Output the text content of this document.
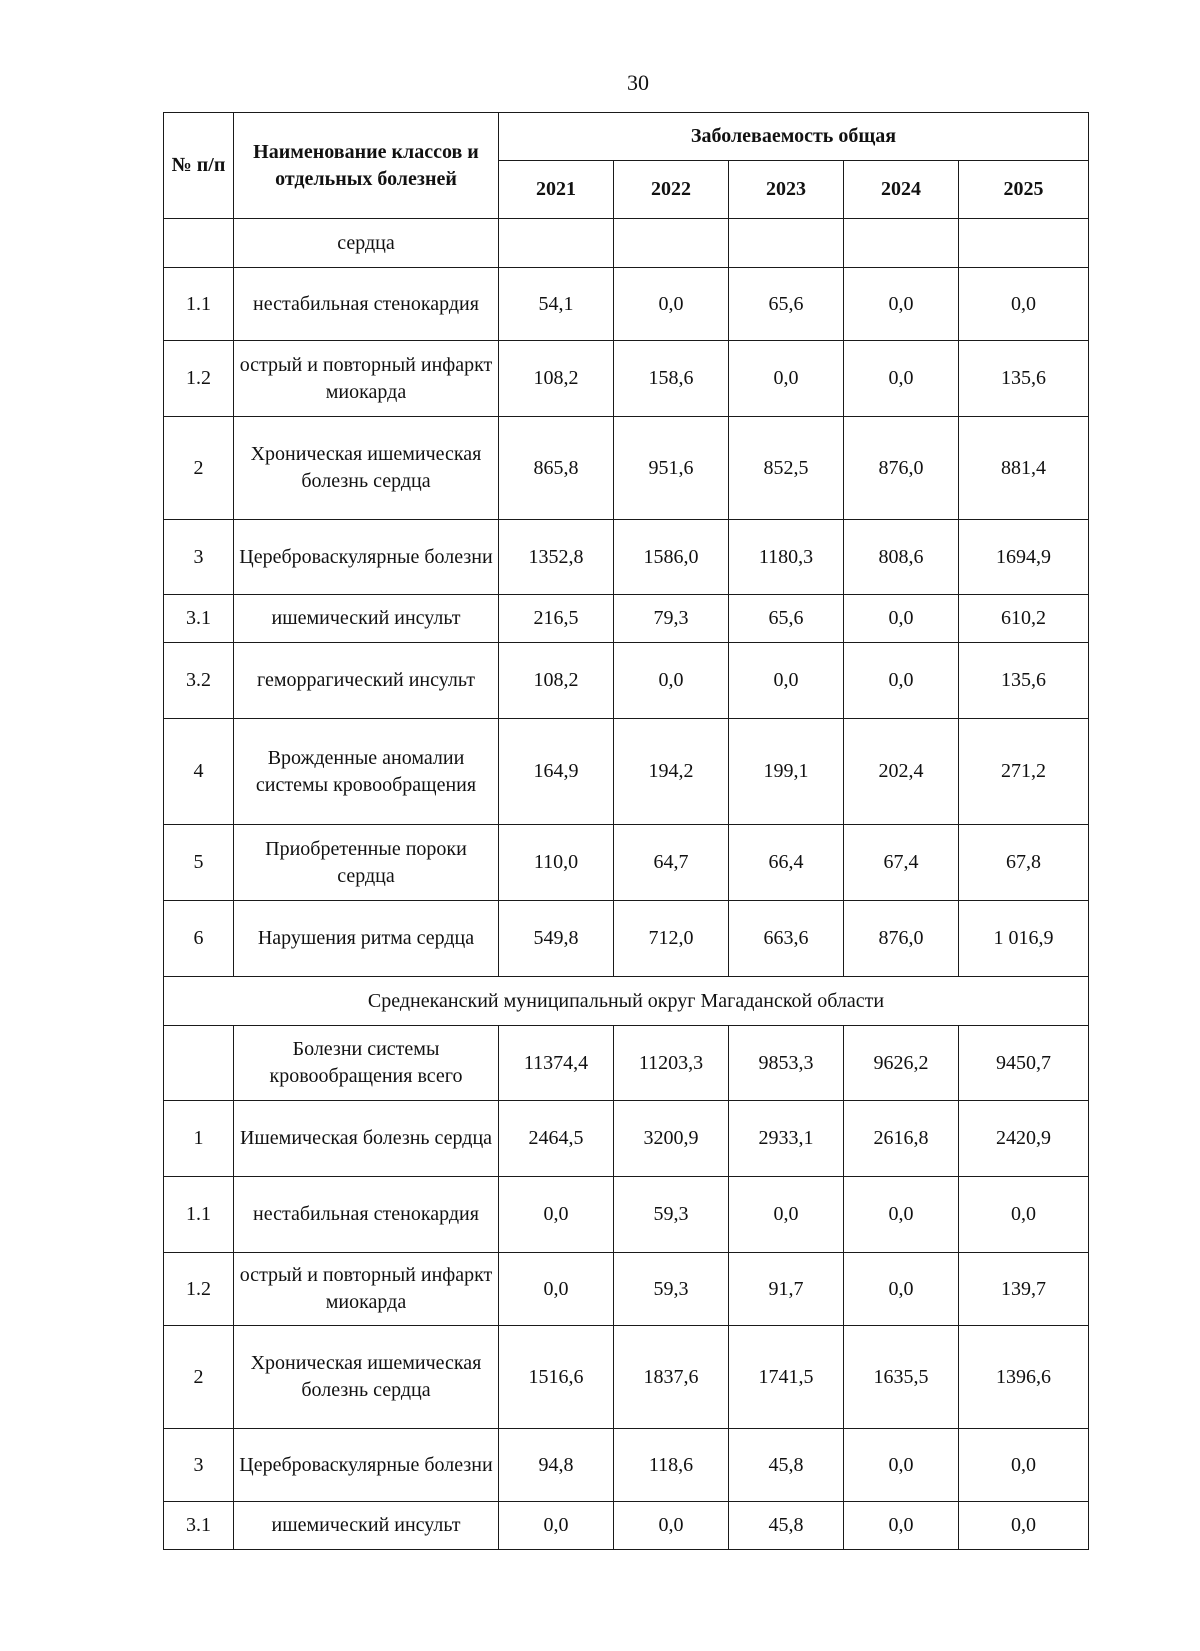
30
№ п/п	Наименование классов и отдельных болезней	Заболеваемость общая				
		2021	2022	2023	2024	2025
	сердца					
1.1	нестабильная стенокардия	54,1	0,0	65,6	0,0	0,0
1.2	острый и повторный инфаркт миокарда	108,2	158,6	0,0	0,0	135,6
2	Хроническая ишемическая болезнь сердца	865,8	951,6	852,5	876,0	881,4
3	Цереброваскулярные болезни	1352,8	1586,0	1180,3	808,6	1694,9
3.1	ишемический инсульт	216,5	79,3	65,6	0,0	610,2
3.2	геморрагический инсульт	108,2	0,0	0,0	0,0	135,6
4	Врожденные аномалии системы кровообращения	164,9	194,2	199,1	202,4	271,2
5	Приобретенные пороки сердца	110,0	64,7	66,4	67,4	67,8
6	Нарушения ритма сердца	549,8	712,0	663,6	876,0	1 016,9
Среднеканский муниципальный округ Магаданской области						
	Болезни системы кровообращения всего	11374,4	11203,3	9853,3	9626,2	9450,7
1	Ишемическая болезнь сердца	2464,5	3200,9	2933,1	2616,8	2420,9
1.1	нестабильная стенокардия	0,0	59,3	0,0	0,0	0,0
1.2	острый и повторный инфаркт миокарда	0,0	59,3	91,7	0,0	139,7
2	Хроническая ишемическая болезнь сердца	1516,6	1837,6	1741,5	1635,5	1396,6
3	Цереброваскулярные болезни	94,8	118,6	45,8	0,0	0,0
3.1	ишемический инсульт	0,0	0,0	45,8	0,0	0,0
